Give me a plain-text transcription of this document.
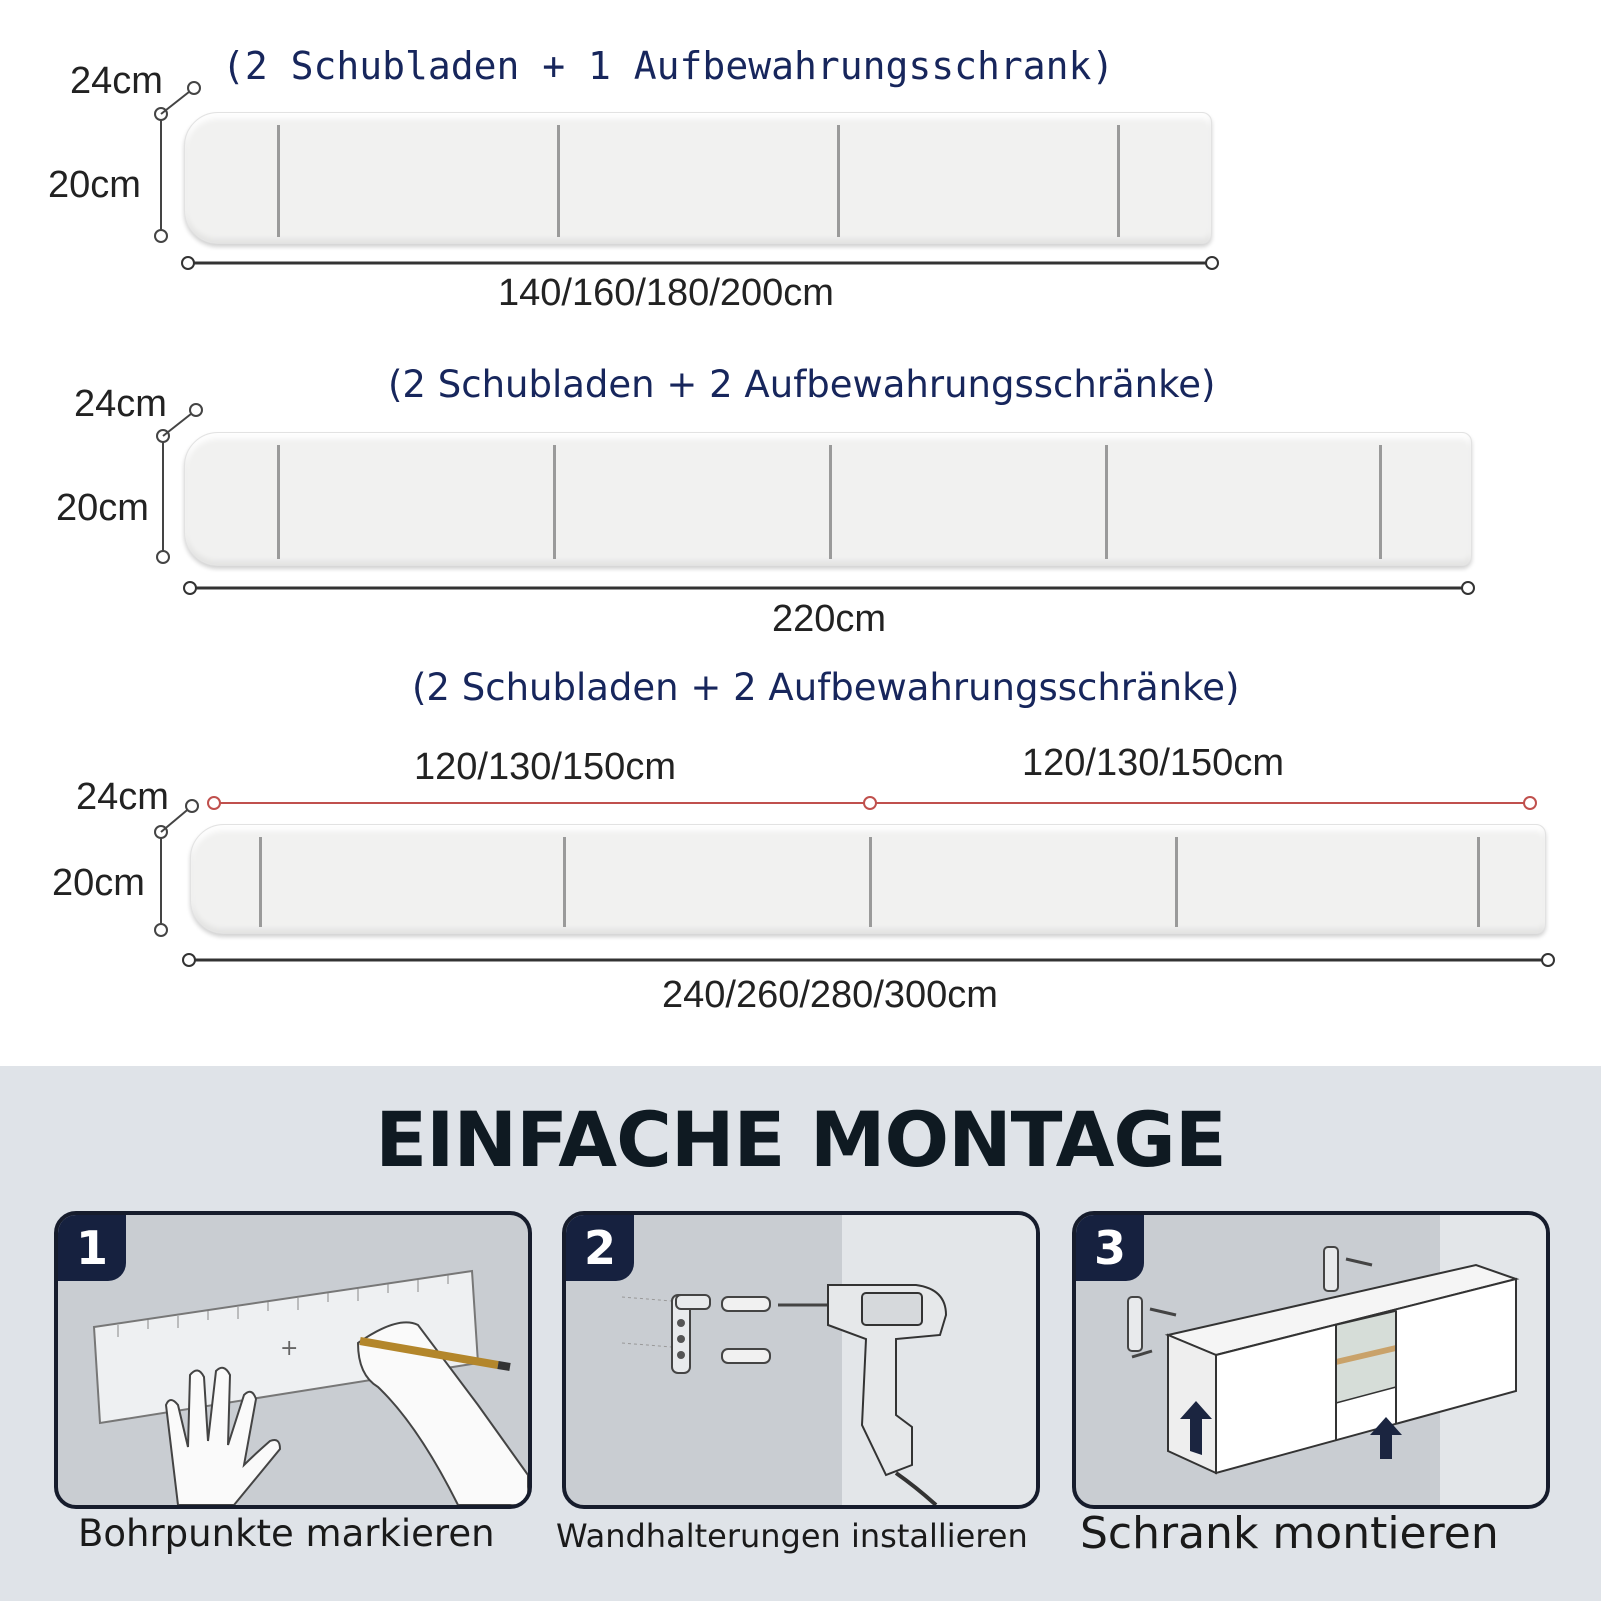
(2 Schubladen + 1 Aufbewahrungsschrank)
24cm
20cm
140/160/180/200cm
(2 Schubladen + 2 Aufbewahrungsschränke)
24cm
20cm
220cm
(2 Schubladen + 2 Aufbewahrungsschränke)
120/130/150cm	120/130/150cm
24cm
20cm
240/260/280/300cm
EINFACHE MONTAGE
+
1	2	3
Bohrpunkte markieren Wandhalterungen installieren Schrank montieren
